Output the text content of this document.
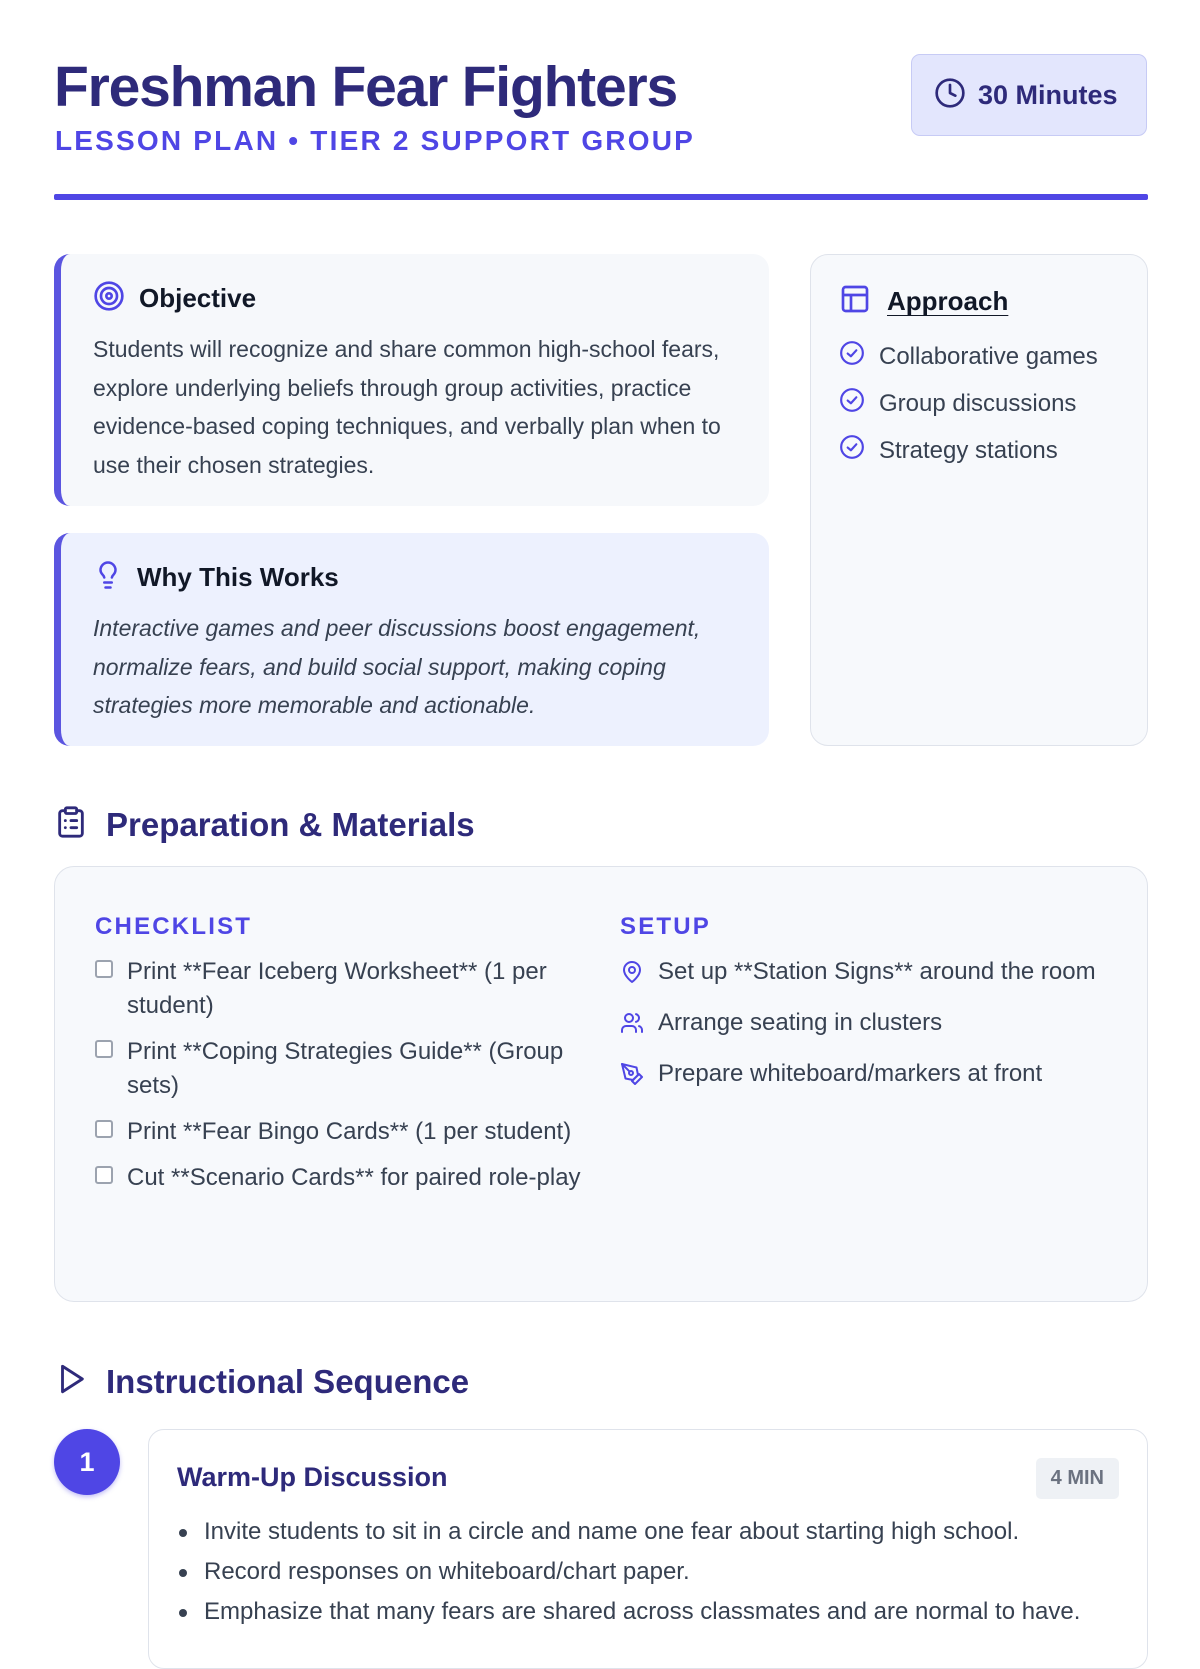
Freshman Fear Fighters
LESSON PLAN • TIER 2 SUPPORT GROUP
30 Minutes
Objective

Students will recognize and share common high-school fears, explore underlying beliefs through group activities, practice evidence-based coping techniques, and verbally plan when to use their chosen strategies.

Why This Works

Interactive games and peer discussions boost engagement, normalize fears, and build social support, making coping strategies more memorable and actionable.

Approach
Collaborative games
Group discussions
Strategy stations
Preparation & Materials
CHECKLIST
Print **Fear Iceberg Worksheet** (1 per student)
Print **Coping Strategies Guide** (Group sets)
Print **Fear Bingo Cards** (1 per student)
Cut **Scenario Cards** for paired role-play
SETUP
Set up **Station Signs** around the room
Arrange seating in clusters
Prepare whiteboard/markers at front
Instructional Sequence
1
Warm-Up Discussion	4 MIN
Invite students to sit in a circle and name one fear about starting high school.
Record responses on whiteboard/chart paper.
Emphasize that many fears are shared across classmates and are normal to have.
